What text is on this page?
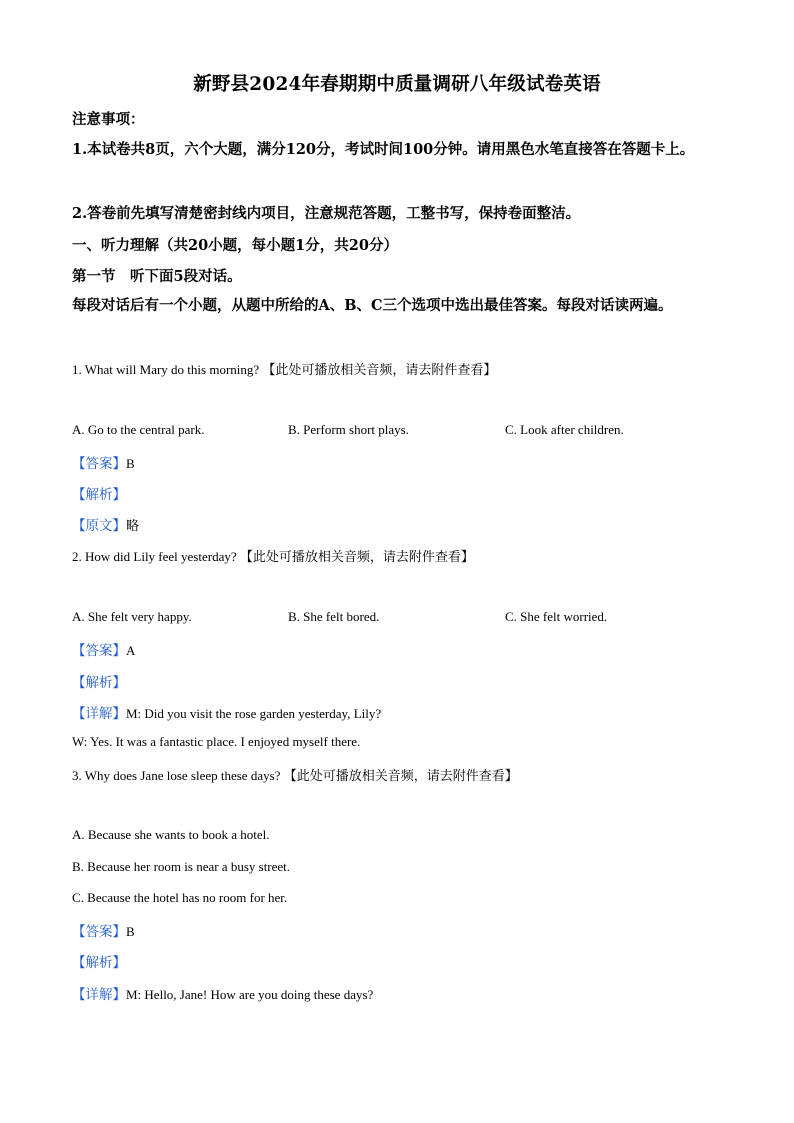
新野县2024年春期期中质量调研八年级试卷英语
注意事项：
1.本试卷共8页，六个大题，满分120分，考试时间100分钟。请用黑色水笔直接答在答题卡上。
2.答卷前先填写清楚密封线内项目，注意规范答题，工整书写，保持卷面整洁。
一、听力理解（共20小题，每小题1分，共20分）
第一节　听下面5段对话。
每段对话后有一个小题，从题中所给的A、B、C三个选项中选出最佳答案。每段对话读两遍。
1. What will Mary do this morning? 【此处可播放相关音频，请去附件查看】
A. Go to the central park.	B. Perform short plays.	C. Look after children.
【答案】B
【解析】
【原文】略
2. How did Lily feel yesterday? 【此处可播放相关音频，请去附件查看】
A. She felt very happy.	B. She felt bored.	C. She felt worried.
【答案】A
【解析】
【详解】M: Did you visit the rose garden yesterday, Lily?
W: Yes. It was a fantastic place. I enjoyed myself there.
3. Why does Jane lose sleep these days? 【此处可播放相关音频，请去附件查看】
A. Because she wants to book a hotel.
B. Because her room is near a busy street.
C. Because the hotel has no room for her.
【答案】B
【解析】
【详解】M: Hello, Jane! How are you doing these days?
